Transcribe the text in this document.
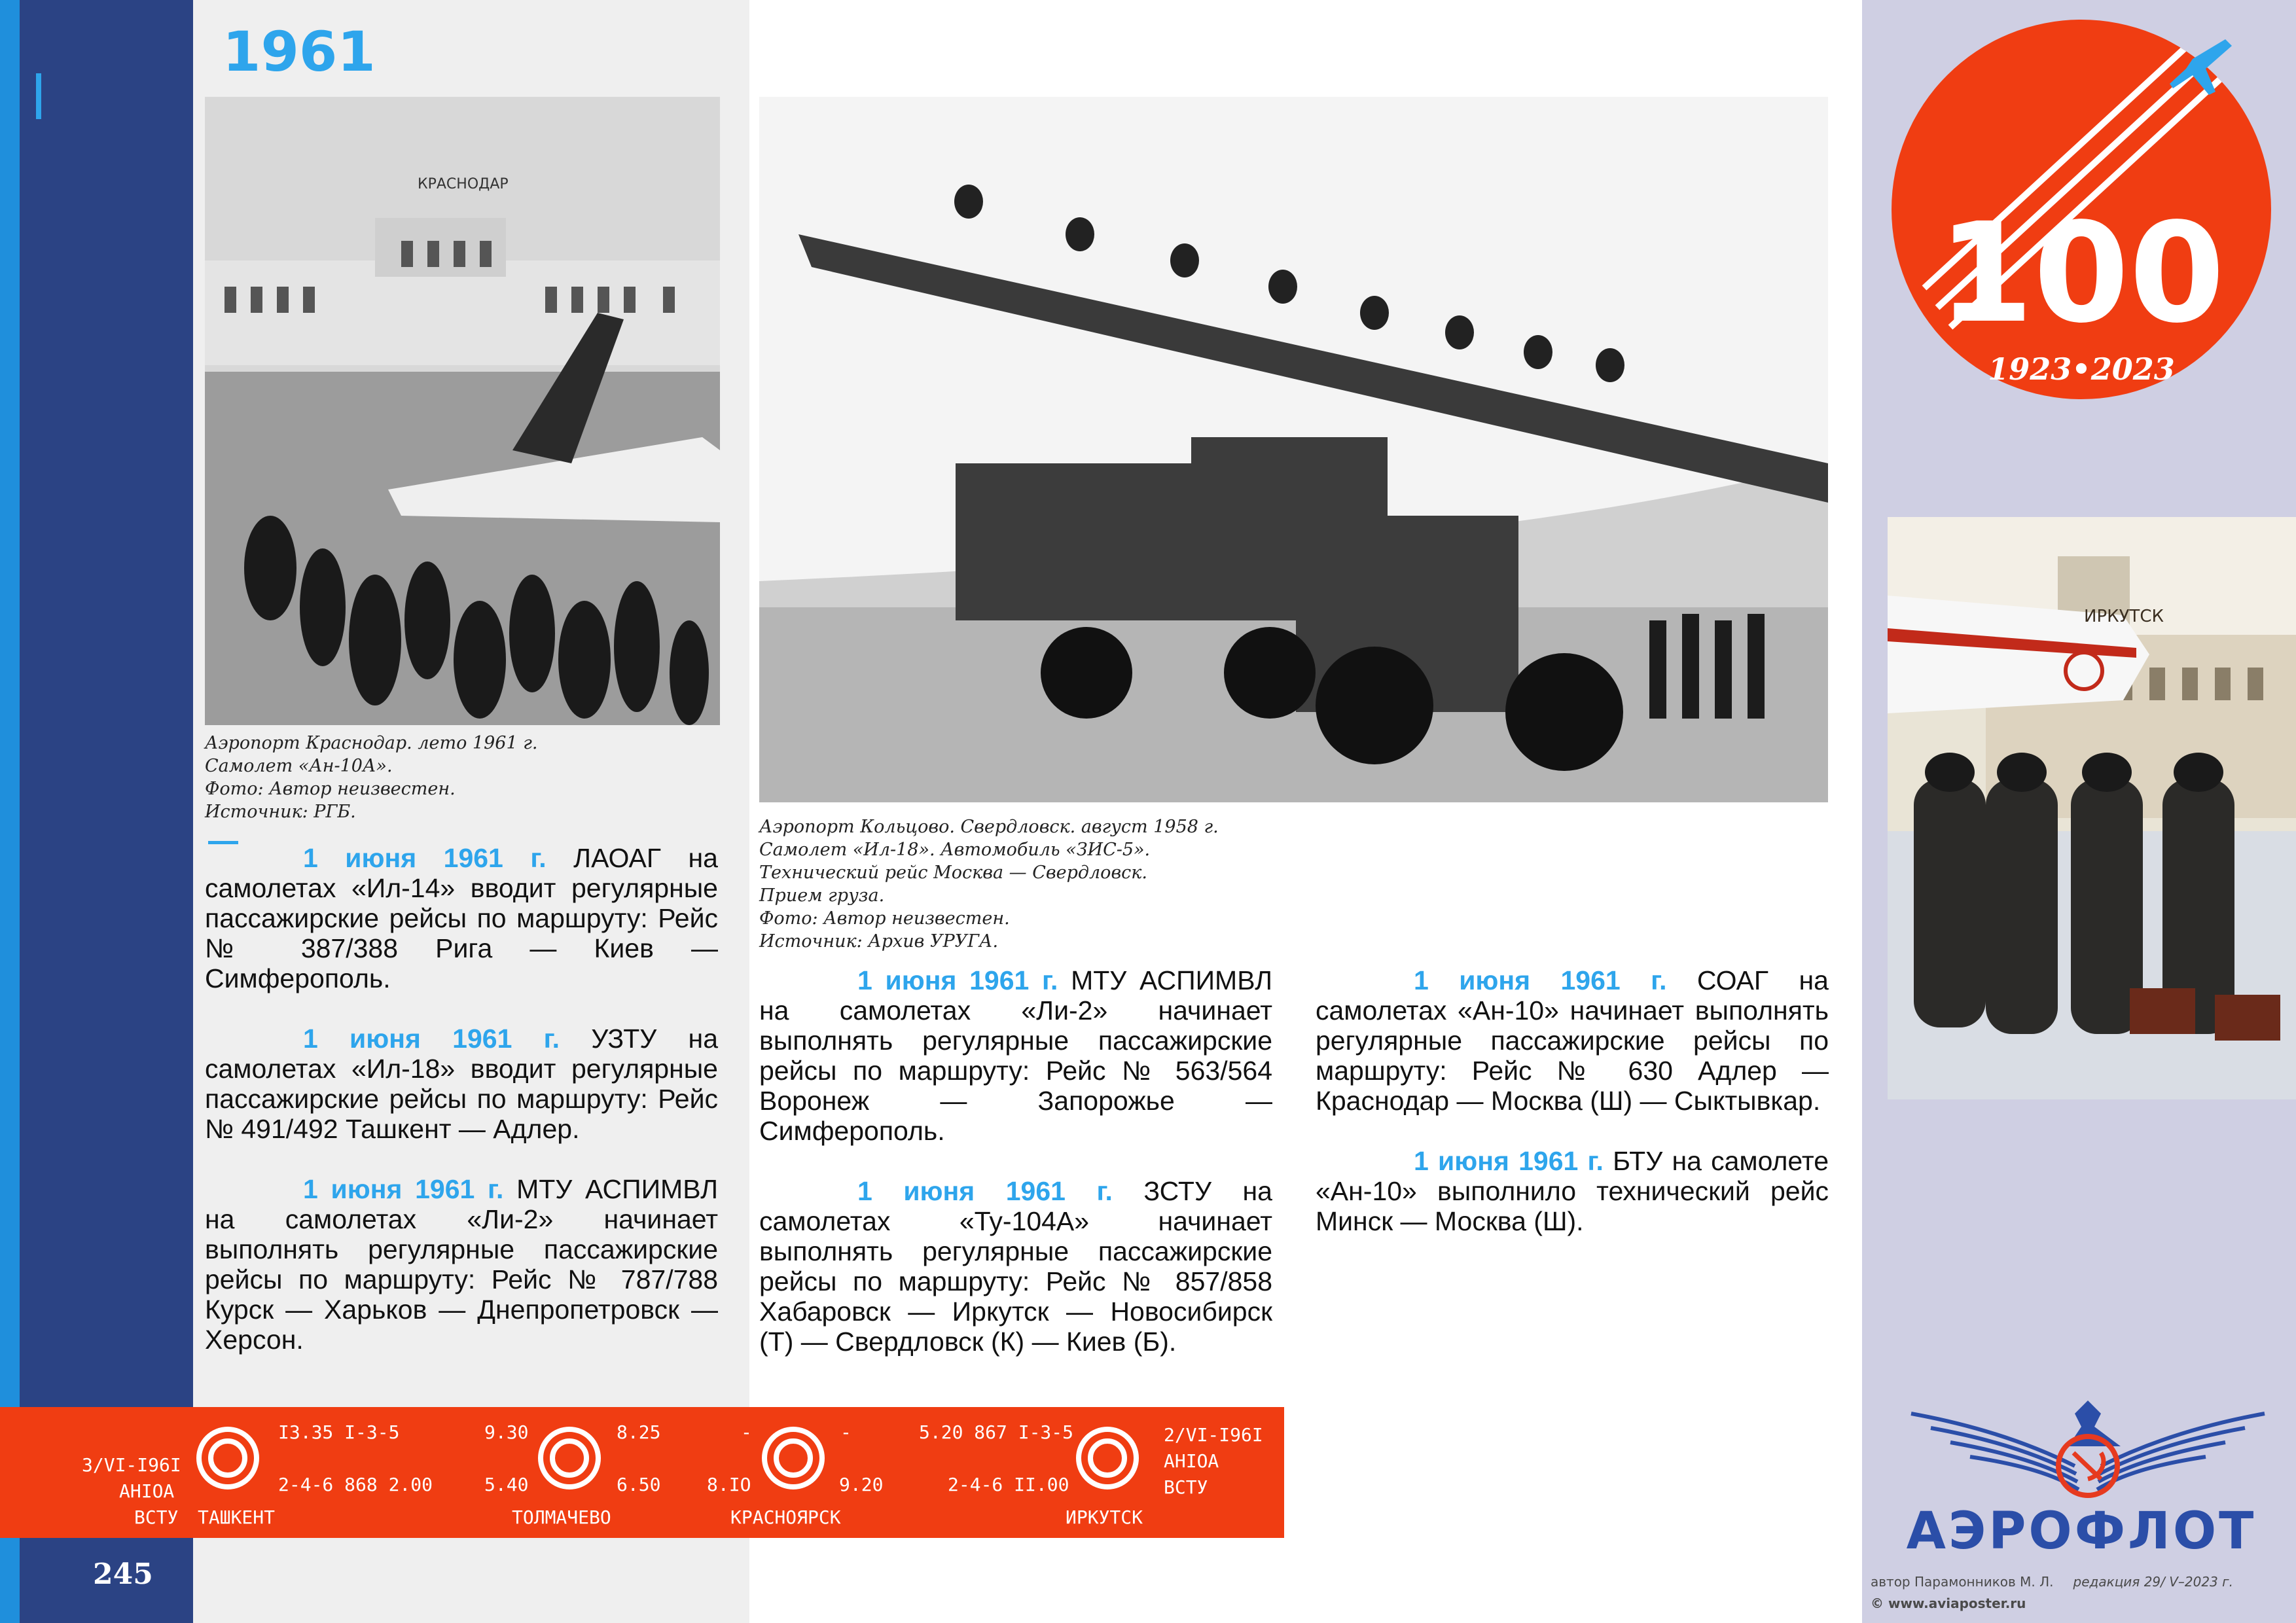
1961
КРАСНОДАР
Аэропорт Краснодар. лето 1961 г.
Самолет «Ан-10А».
Фото: Автор неизвестен.
Источник: РГБ.
Аэропорт Кольцово. Свердловск. август 1958 г.
Самолет «Ил-18». Автомобиль «ЗИС-5».
Технический рейс Москва — Свердловск.
Прием груза.
Фото: Автор неизвестен.
Источник: Архив УРУГА.
ИРКУТСК

1 июня 1961 г. ЛАОАГ на самолетах «Ил-14» вводит регулярные пассажирские рейсы по маршруту: Рейс № 387/388 Рига — Киев — Симферополь.

1 июня 1961 г. УЗТУ на самолетах «Ил-18» вводит регулярные пассажирские рейсы по маршруту: Рейс № 491/492 Ташкент — Адлер.

1 июня 1961 г. МТУ АСПИМВЛ на самолетах «Ли-2» начинает выполнять регулярные пассажирские рейсы по маршруту: Рейс № 787/788 Курск — Харьков — Днепропетровск — Херсон.

1 июня 1961 г. МТУ АСПИМВЛ на самолетах «Ли-2» начинает выполнять регулярные пассажирские рейсы по маршруту: Рейс № 563/564 Воронеж — Запорожье — Симферополь.

1 июня 1961 г. ЗСТУ на самолетах «Ту-104А» начинает выполнять регулярные пассажирские рейсы по маршруту: Рейс № 857/858 Хабаровск — Иркутск — Новосибирск (Т) — Свердловск (К) — Киев (Б).

1 июня 1961 г. СОАГ на самолетах «Ан-10» начинает выполнять регулярные пассажирские рейсы по маршруту: Рейс № 630 Адлер — Краснодар — Москва (Ш) — Сыктывкар.

1 июня 1961 г. БТУ на самолете «Ан-10» выполнило технический рейс Минск — Москва (Ш).

3/VI-I96I
АНIOА
ВСТУ
I3.35 I-3-5
2-4-6 868 2.00
9.30	8.25
5.40	6.50
-	-
8.IO	9.20
5.20 867 I-3-5
2-4-6 II.00
ТАШКЕНТ	ТОЛМАЧЕВО	КРАСНОЯРСК	ИРКУТСК
2/VI-I96I
АНIOА
ВСТУ
245
100
1923•2023
АЭРОФЛОТ
автор Парамонников М. Л. редакция 29/ V–2023 г.
© www.aviaposter.ru
